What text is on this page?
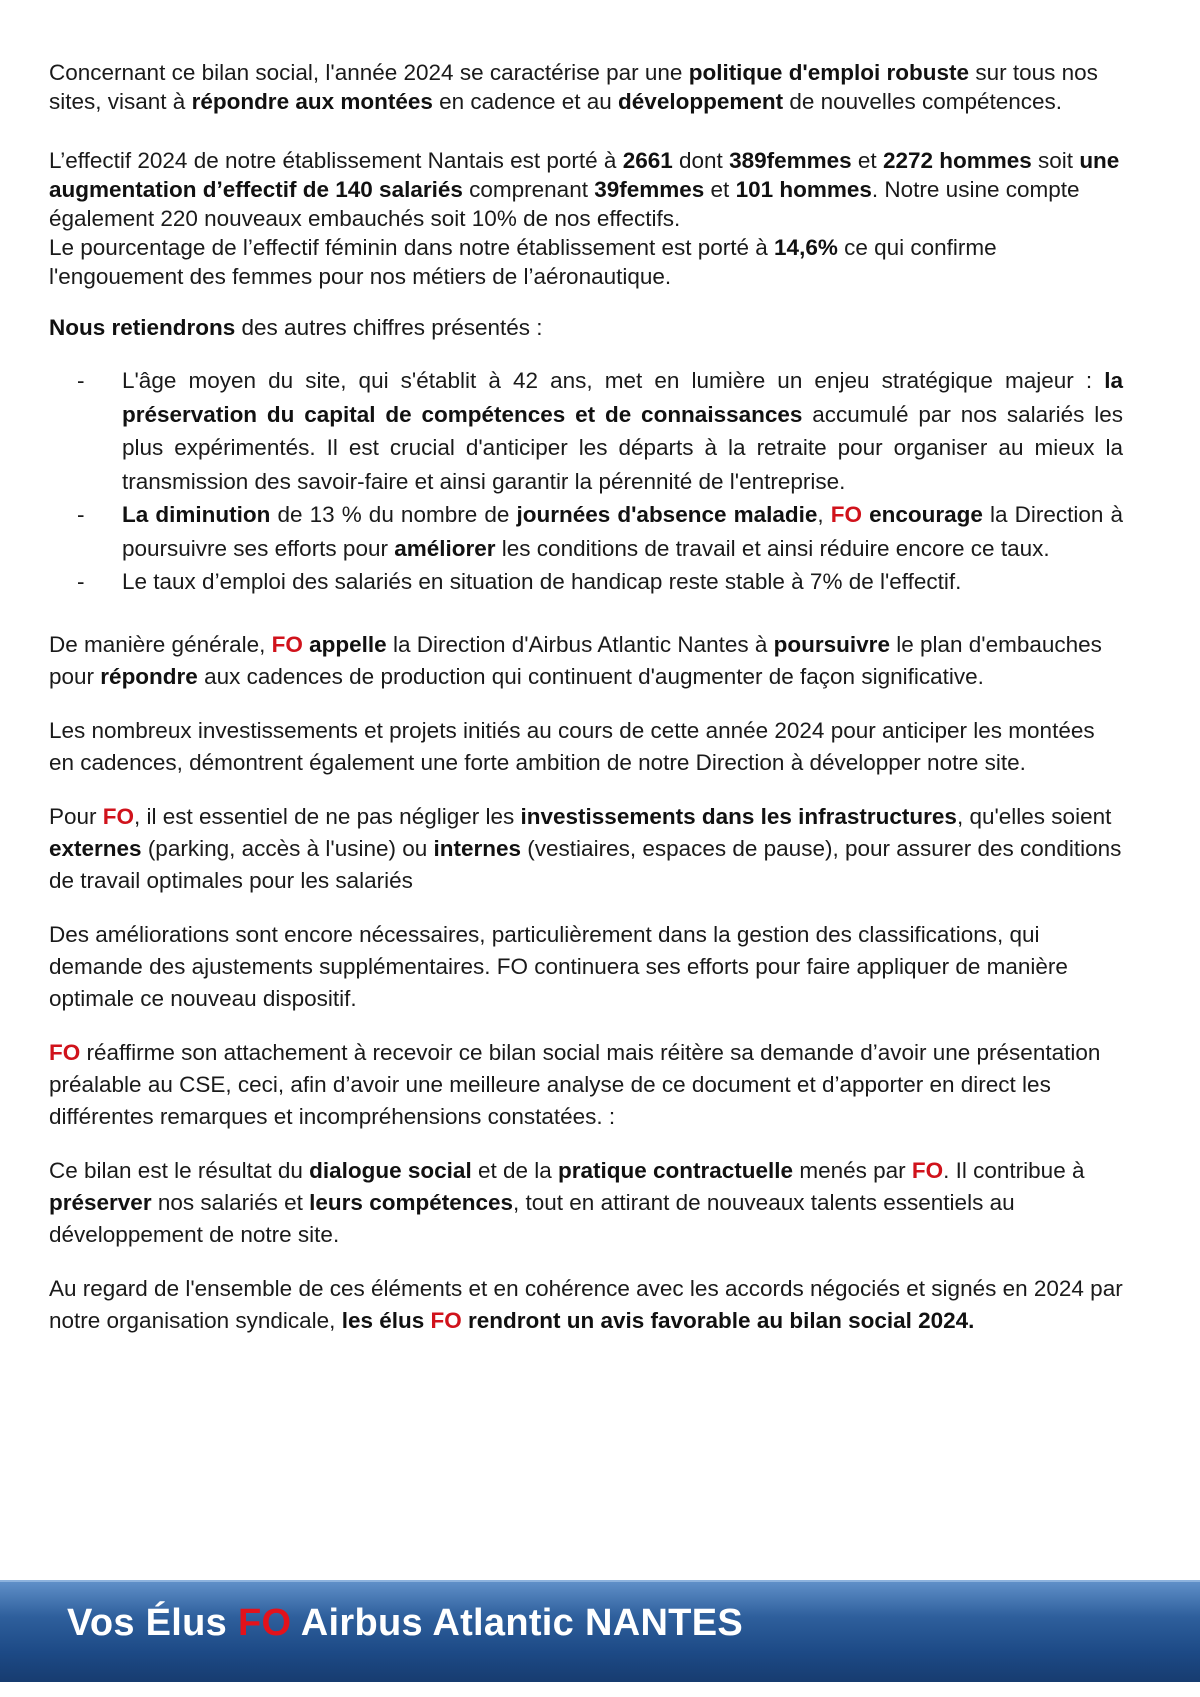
Concernant ce bilan social, l'année 2024 se caractérise par une politique d'emploi robuste sur tous nos sites, visant à répondre aux montées en cadence et au développement de nouvelles compétences.

L’effectif 2024 de notre établissement Nantais est porté à 2661 dont 389femmes et 2272 hommes soit une augmentation d’effectif de 140 salariés comprenant 39femmes et 101 hommes. Notre usine compte également 220 nouveaux embauchés soit 10% de nos effectifs.

Le pourcentage de l’effectif féminin dans notre établissement est porté à 14,6% ce qui confirme l'engouement des femmes pour nos métiers de l’aéronautique.

Nous retiendrons des autres chiffres présentés :

- L'âge moyen du site, qui s'établit à 42 ans, met en lumière un enjeu stratégique majeur : la préservation du capital de compétences et de connaissances accumulé par nos salariés les plus expérimentés. Il est crucial d'anticiper les départs à la retraite pour organiser au mieux la transmission des savoir-faire et ainsi garantir la pérennité de l'entreprise.
- La diminution de 13 % du nombre de journées d'absence maladie, FO encourage la Direction à poursuivre ses efforts pour améliorer les conditions de travail et ainsi réduire encore ce taux.
- Le taux d’emploi des salariés en situation de handicap reste stable à 7% de l'effectif.

De manière générale, FO appelle la Direction d'Airbus Atlantic Nantes à poursuivre le plan d'embauches pour répondre aux cadences de production qui continuent d'augmenter de façon significative.

Les nombreux investissements et projets initiés au cours de cette année 2024 pour anticiper les montées en cadences, démontrent également une forte ambition de notre Direction à développer notre site.

Pour FO, il est essentiel de ne pas négliger les investissements dans les infrastructures, qu'elles soient externes (parking, accès à l'usine) ou internes (vestiaires, espaces de pause), pour assurer des conditions de travail optimales pour les salariés

Des améliorations sont encore nécessaires, particulièrement dans la gestion des classifications, qui demande des ajustements supplémentaires. FO continuera ses efforts pour faire appliquer de manière optimale ce nouveau dispositif.

FO réaffirme son attachement à recevoir ce bilan social mais réitère sa demande d’avoir une présentation préalable au CSE, ceci, afin d’avoir une meilleure analyse de ce document et d’apporter en direct les différentes remarques et incompréhensions constatées. :

Ce bilan est le résultat du dialogue social et de la pratique contractuelle menés par FO. Il contribue à préserver nos salariés et leurs compétences, tout en attirant de nouveaux talents essentiels au développement de notre site.

Au regard de l'ensemble de ces éléments et en cohérence avec les accords négociés et signés en 2024 par notre organisation syndicale, les élus FO rendront un avis favorable au bilan social 2024.

Vos Élus FO Airbus Atlantic NANTES
